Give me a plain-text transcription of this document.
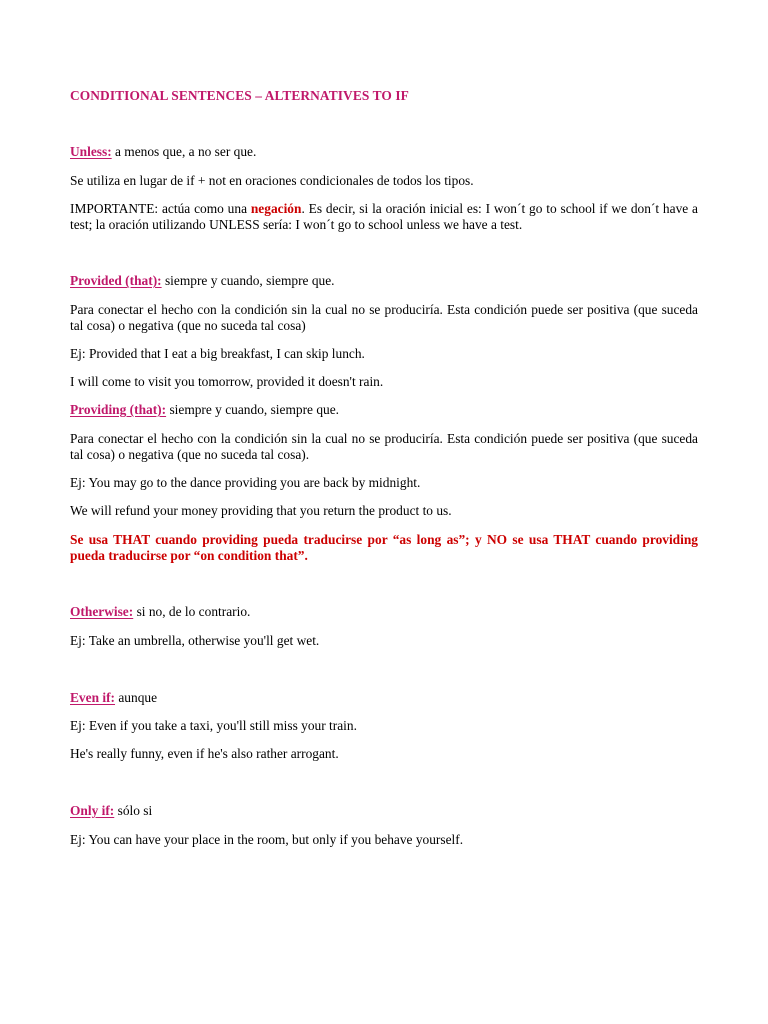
CONDITIONAL SENTENCES – ALTERNATIVES TO IF

Unless: a menos que, a no ser que.

Se utiliza en lugar de if + not en oraciones condicionales de todos los tipos.

IMPORTANTE: actúa como una negación. Es decir, si la oración inicial es: I won´t go to school if we don´t have a test; la oración utilizando UNLESS sería: I won´t go to school unless we have a test.

Provided (that): siempre y cuando, siempre que.

Para conectar el hecho con la condición sin la cual no se produciría. Esta condición puede ser positiva (que suceda tal cosa) o negativa (que no suceda tal cosa)

Ej: Provided that I eat a big breakfast, I can skip lunch.

I will come to visit you tomorrow, provided it doesn't rain.

Providing (that): siempre y cuando, siempre que.

Para conectar el hecho con la condición sin la cual no se produciría. Esta condición puede ser positiva (que suceda tal cosa) o negativa (que no suceda tal cosa).

Ej: You may go to the dance providing you are back by midnight.

We will refund your money providing that you return the product to us.

Se usa THAT cuando providing pueda traducirse por “as long as”; y NO se usa THAT cuando providing pueda traducirse por “on condition that”.

Otherwise: si no, de lo contrario.

Ej: Take an umbrella, otherwise you'll get wet.

Even if: aunque

Ej: Even if you take a taxi, you'll still miss your train.

He's really funny, even if he's also rather arrogant.

Only if: sólo si

Ej: You can have your place in the room, but only if you behave yourself.
